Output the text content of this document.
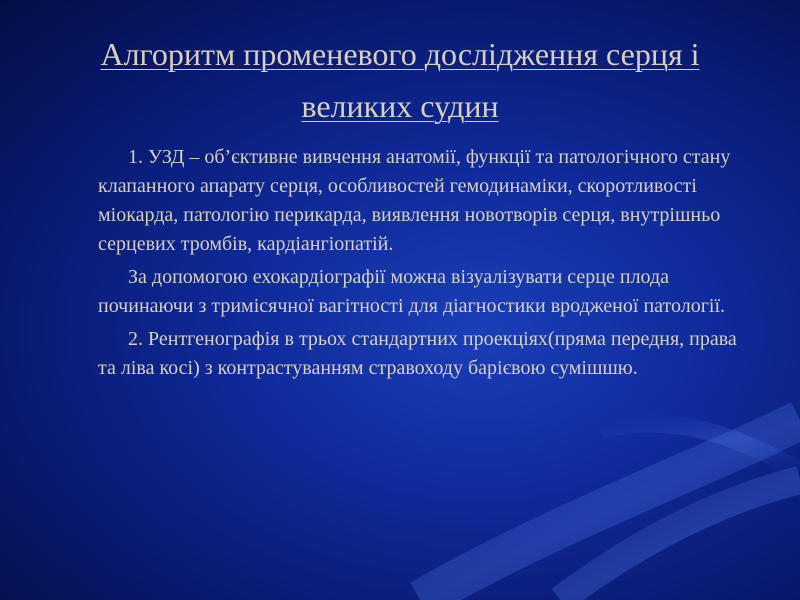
Алгоритм променевого дослідження серця і
великих судин

1. УЗД – об’єктивне вивчення анатомії, функції та патологічного стану клапанного апарату серця, особливостей гемодинаміки, скоротливості міокарда, патологію перикарда, виявлення новотворів серця, внутрішньо серцевих тромбів, кардіангіопатій.

За допомогою ехокардіографії можна візуалізувати серце плода починаючи з тримісячної вагітності для діагностики вродженої патології.

2. Рентгенографія в трьох стандартних проекціях(пряма передня, права та ліва косі) з контрастуванням стравоходу барієвою сумішшю.
